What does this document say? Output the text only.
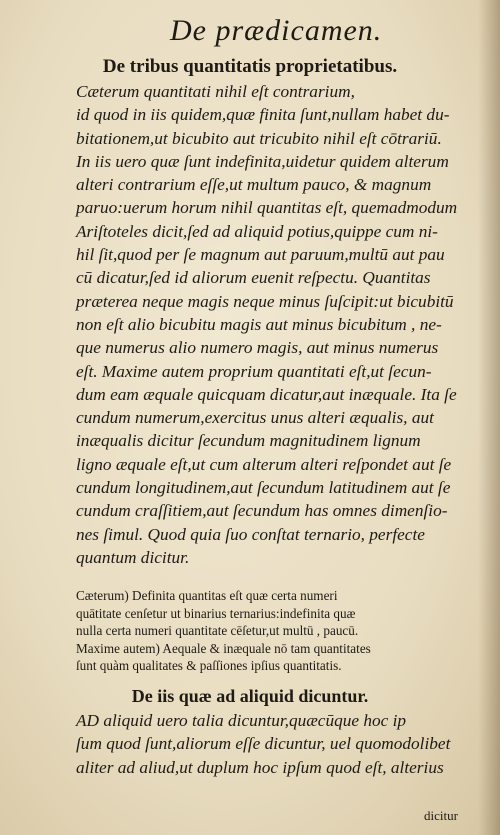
De prædicamen.
De tribus quantitatis proprietatibus.
Cæterum quantitati nihil eſt contrarium,
id quod in iis quidem,quæ finita ſunt,nullam habet du-
bitationem,ut bicubito aut tricubito nihil eſt cōtrariū.
In iis uero quæ ſunt indefinita,uidetur quidem alterum
alteri contrarium eſſe,ut multum pauco, & magnum
paruo:uerum horum nihil quantitas eſt, quemadmodum
Ariſtoteles dicit,ſed ad aliquid potius,quippe cum ni-
hil ſit,quod per ſe magnum aut paruum,multū aut pau
cū dicatur,ſed id aliorum euenit reſpectu. Quantitas
præterea neque magis neque minus ſuſcipit:ut bicubitū
non eſt alio bicubitu magis aut minus bicubitum , ne-
que numerus alio numero magis, aut minus numerus
eſt. Maxime autem proprium quantitati eſt,ut ſecun-
dum eam æquale quicquam dicatur,aut inæquale. Ita ſe
cundum numerum,exercitus unus alteri æqualis, aut
inæqualis dicitur ſecundum magnitudinem lignum
ligno æquale eſt,ut cum alterum alteri reſpondet aut ſe
cundum longitudinem,aut ſecundum latitudinem aut ſe
cundum craſſitiem,aut ſecundum has omnes dimenſio-
nes ſimul. Quod quia ſuo conſtat ternario, perfecte
quantum dicitur.
Cæterum) Definita quantitas eſt quæ certa numeri
quātitate cenſetur ut binarius ternarius:indefinita quæ
nulla certa numeri quantitate cēſetur,ut multū , paucū.
Maxime autem) Aequale & inæquale nō tam quantitates
ſunt quàm qualitates & paſſiones ipſius quantitatis.
De iis quæ ad aliquid dicuntur.
AD aliquid uero talia dicuntur,quæcūque hoc ip
ſum quod ſunt,aliorum eſſe dicuntur, uel quomodolibet
aliter ad aliud,ut duplum hoc ipſum quod eſt, alterius

dicitur
